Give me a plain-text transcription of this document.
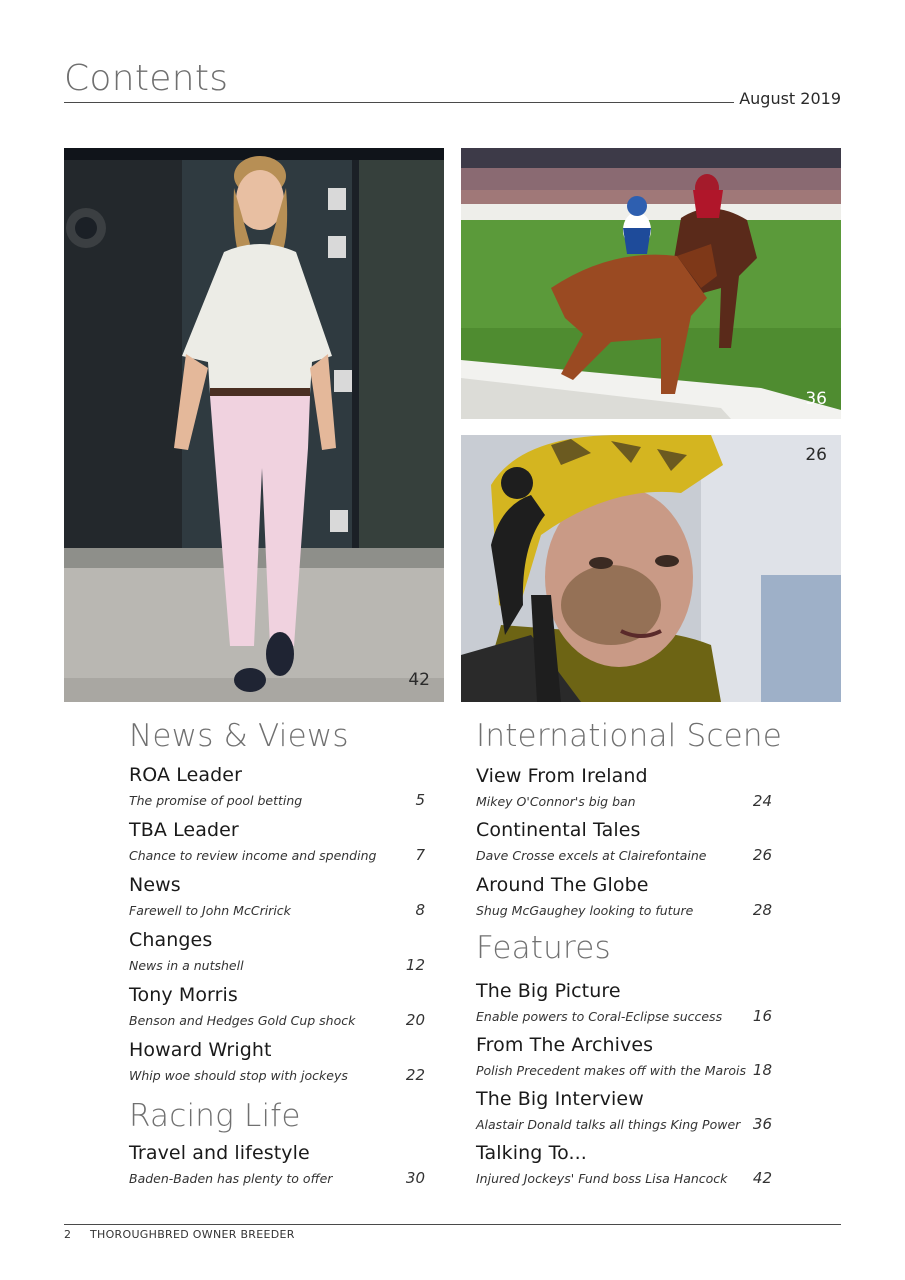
Contents	August 2019
42
36
26
News & Views
ROA Leader
The promise of pool betting	5
TBA Leader
Chance to review income and spending	7
News
Farewell to John McCririck	8
Changes
News in a nutshell	12
Tony Morris
Benson and Hedges Gold Cup shock	20
Howard Wright
Whip woe should stop with jockeys	22
Racing Life
Travel and lifestyle
Baden-Baden has plenty to offer	30
International Scene
View From Ireland
Mikey O'Connor's big ban	24
Continental Tales
Dave Crosse excels at Clairefontaine	26
Around The Globe
Shug McGaughey looking to future	28
Features
The Big Picture
Enable powers to Coral-Eclipse success 16
From The Archives
Polish Precedent makes off with the Marois 18
The Big Interview
Alastair Donald talks all things King Power 36
Talking To...
Injured Jockeys' Fund boss Lisa Hancock 42
2 THOROUGHBRED OWNER BREEDER
